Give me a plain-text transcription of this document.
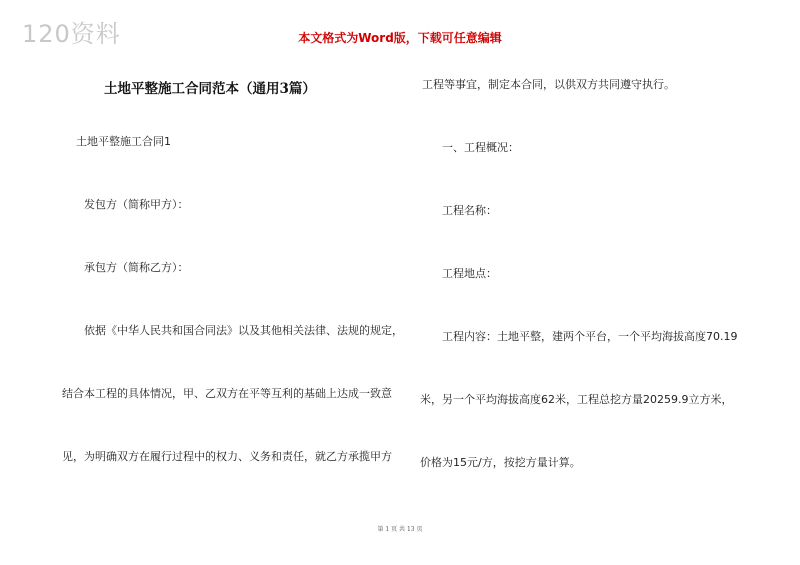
120资料	本文格式为Word版，下载可任意编辑
土地平整施工合同范本（通用3篇）
土地平整施工合同1
发包方（简称甲方）：
承包方（简称乙方）：
依据《中华人民共和国合同法》以及其他相关法律、法规的规定，
结合本工程的具体情况，甲、乙双方在平等互利的基础上达成一致意
见，为明确双方在履行过程中的权力、义务和责任，就乙方承揽甲方
工程等事宜，制定本合同，以供双方共同遵守执行。
一、工程概况：
工程名称：
工程地点：
工程内容：土地平整，建两个平台，一个平均海拔高度70.19
米，另一个平均海拔高度62米，工程总挖方量20259.9立方米，
价格为15元/方，按挖方量计算。
第 1 页 共 13 页
